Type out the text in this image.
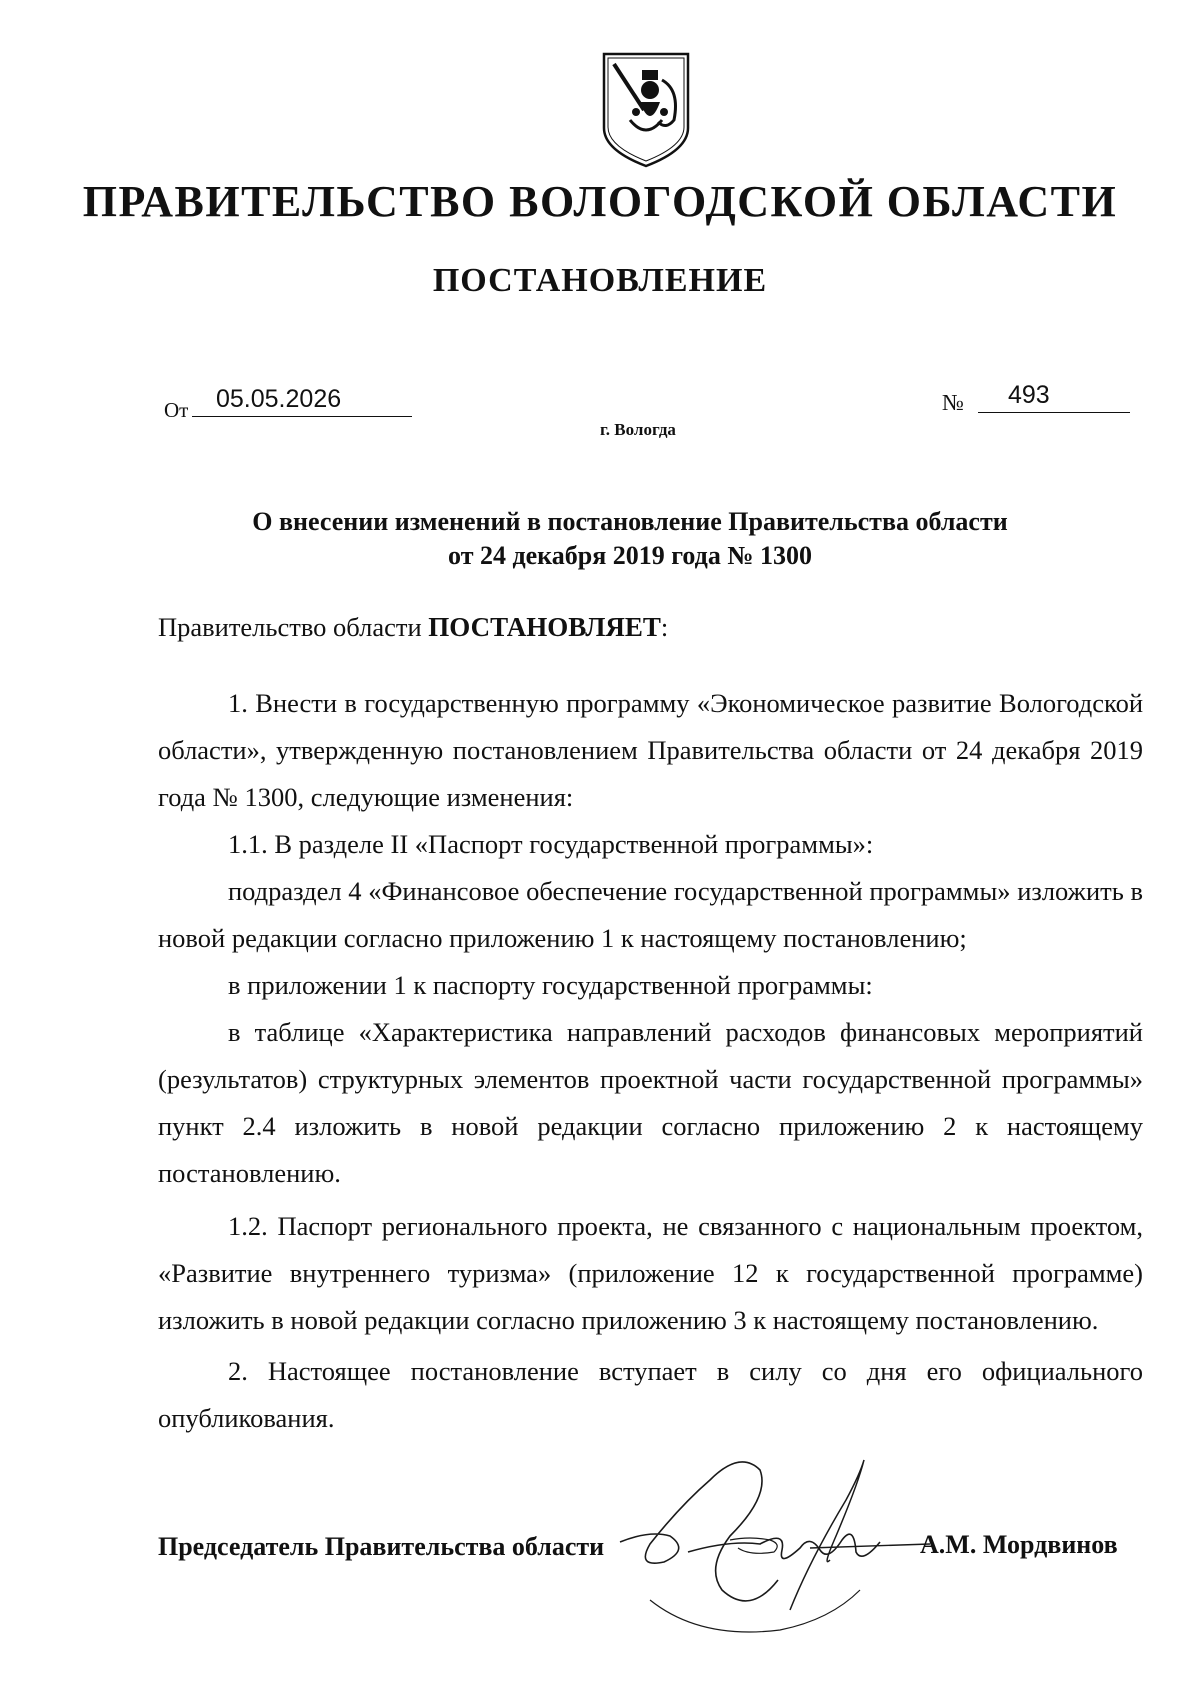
ПРАВИТЕЛЬСТВО ВОЛОГОДСКОЙ ОБЛАСТИ
ПОСТАНОВЛЕНИЕ
От	05.05.2026	№	493
г. Вологда
О внесении изменений в постановление Правительства области
от 24 декабря 2019 года № 1300
Правительство области ПОСТАНОВЛЯЕТ:

1. Внести в государственную программу «Экономическое развитие Вологодской области», утвержденную постановлением Правительства области от 24 декабря 2019 года № 1300, следующие изменения:

1.1. В разделе II «Паспорт государственной программы»:

подраздел 4 «Финансовое обеспечение государственной программы» изложить в новой редакции согласно приложению 1 к настоящему постановлению;

в приложении 1 к паспорту государственной программы:

в таблице «Характеристика направлений расходов финансовых мероприятий (результатов) структурных элементов проектной части государственной программы» пункт 2.4 изложить в новой редакции согласно приложению 2 к настоящему постановлению.

1.2. Паспорт регионального проекта, не связанного с национальным проектом, «Развитие внутреннего туризма» (приложение 12 к государственной программе) изложить в новой редакции согласно приложению 3 к настоящему постановлению.

2. Настоящее постановление вступает в силу со дня его официального опубликования.

Председатель Правительства области	А.М. Мордвинов
